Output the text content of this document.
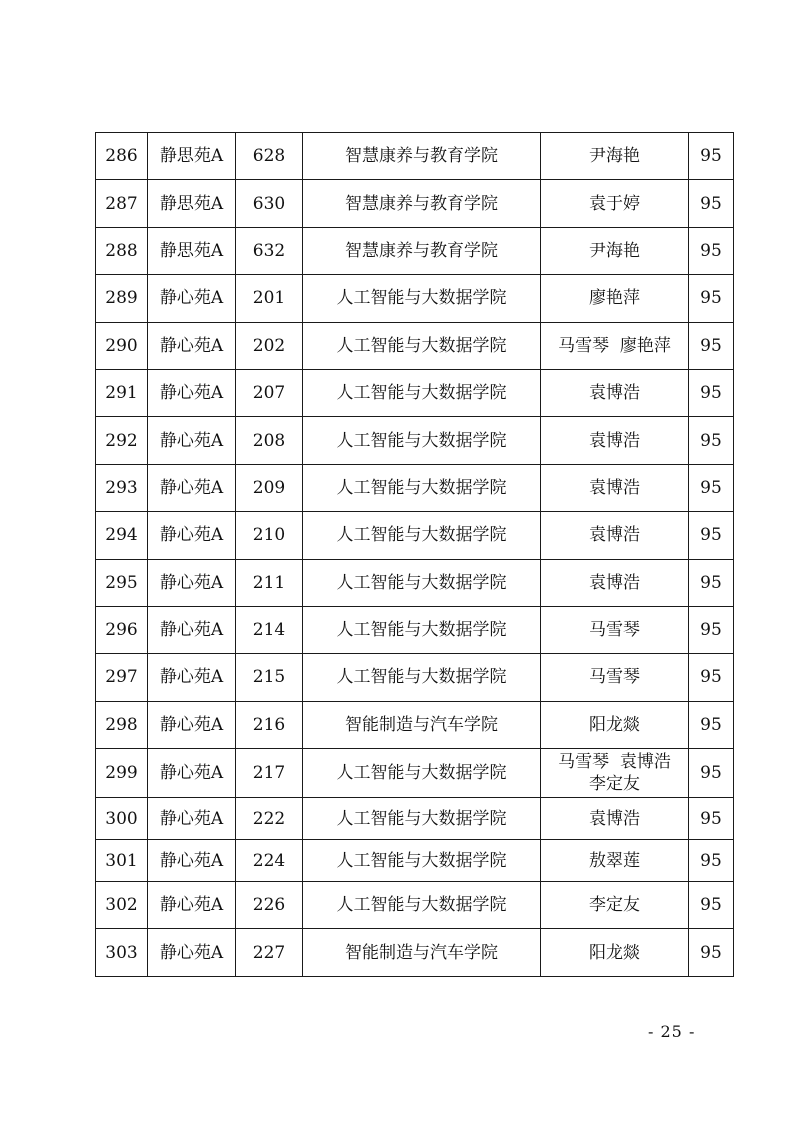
286	静思苑A	628	智慧康养与教育学院	尹海艳	95
287	静思苑A	630	智慧康养与教育学院	袁于婷	95
288	静思苑A	632	智慧康养与教育学院	尹海艳	95
289	静心苑A	201	人工智能与大数据学院	廖艳萍	95
290	静心苑A	202	人工智能与大数据学院	马雪琴  廖艳萍	95
291	静心苑A	207	人工智能与大数据学院	袁博浩	95
292	静心苑A	208	人工智能与大数据学院	袁博浩	95
293	静心苑A	209	人工智能与大数据学院	袁博浩	95
294	静心苑A	210	人工智能与大数据学院	袁博浩	95
295	静心苑A	211	人工智能与大数据学院	袁博浩	95
296	静心苑A	214	人工智能与大数据学院	马雪琴	95
297	静心苑A	215	人工智能与大数据学院	马雪琴	95
298	静心苑A	216	智能制造与汽车学院	阳龙燚	95
299	静心苑A	217	人工智能与大数据学院	马雪琴  袁博浩
李定友	95
300	静心苑A	222	人工智能与大数据学院	袁博浩	95
301	静心苑A	224	人工智能与大数据学院	敖翠莲	95
302	静心苑A	226	人工智能与大数据学院	李定友	95
303	静心苑A	227	智能制造与汽车学院	阳龙燚	95
- 25 -
